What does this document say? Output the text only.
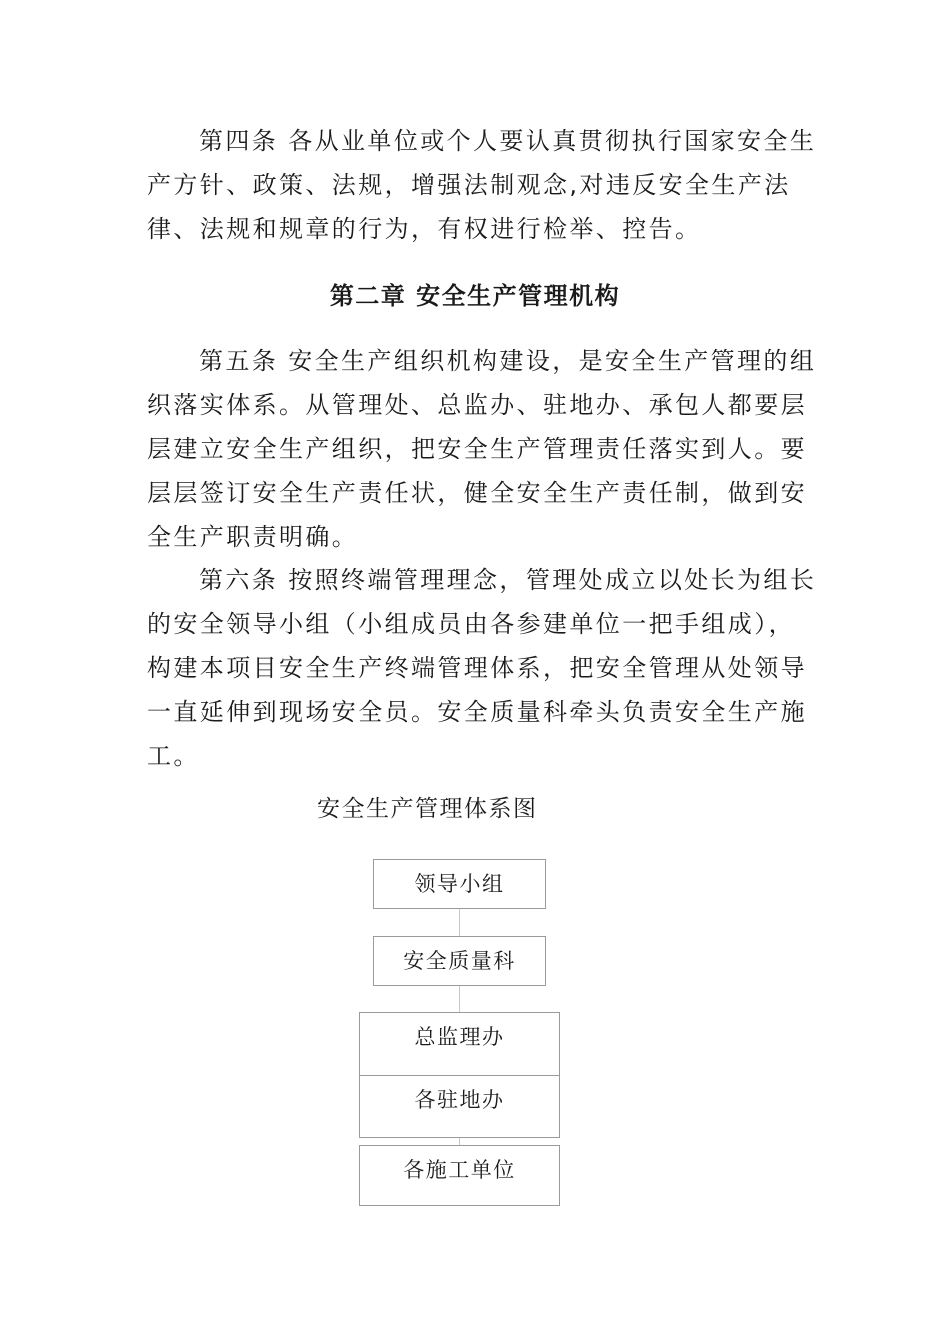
第四条 各从业单位或个人要认真贯彻执行国家安全生产方针、政策、法规，增强法制观念,对违反安全生产法律、法规和规章的行为，有权进行检举、控告。

第二章 安全生产管理机构

第五条 安全生产组织机构建设，是安全生产管理的组织落实体系。从管理处、总监办、驻地办、承包人都要层层建立安全生产组织，把安全生产管理责任落实到人。要层层签订安全生产责任状，健全安全生产责任制，做到安全生产职责明确。

第六条 按照终端管理理念，管理处成立以处长为组长的安全领导小组（小组成员由各参建单位一把手组成），构建本项目安全生产终端管理体系，把安全管理从处领导一直延伸到现场安全员。安全质量科牵头负责安全生产施工。

安全生产管理体系图
领导小组
安全质量科
总监理办
各驻地办
各施工单位
